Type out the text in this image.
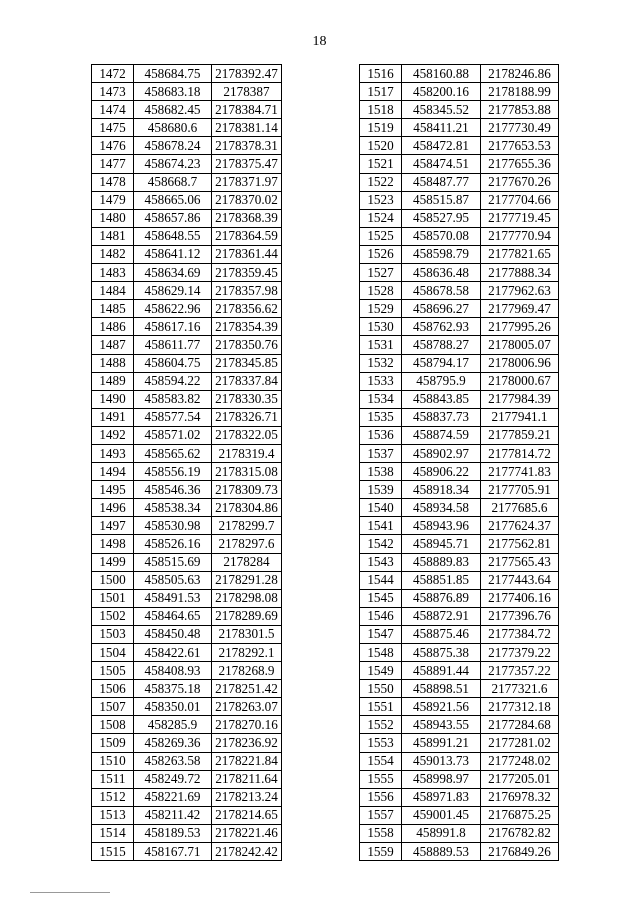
18
1472	458684.75	2178392.47
1473	458683.18	2178387
1474	458682.45	2178384.71
1475	458680.6	2178381.14
1476	458678.24	2178378.31
1477	458674.23	2178375.47
1478	458668.7	2178371.97
1479	458665.06	2178370.02
1480	458657.86	2178368.39
1481	458648.55	2178364.59
1482	458641.12	2178361.44
1483	458634.69	2178359.45
1484	458629.14	2178357.98
1485	458622.96	2178356.62
1486	458617.16	2178354.39
1487	458611.77	2178350.76
1488	458604.75	2178345.85
1489	458594.22	2178337.84
1490	458583.82	2178330.35
1491	458577.54	2178326.71
1492	458571.02	2178322.05
1493	458565.62	2178319.4
1494	458556.19	2178315.08
1495	458546.36	2178309.73
1496	458538.34	2178304.86
1497	458530.98	2178299.7
1498	458526.16	2178297.6
1499	458515.69	2178284
1500	458505.63	2178291.28
1501	458491.53	2178298.08
1502	458464.65	2178289.69
1503	458450.48	2178301.5
1504	458422.61	2178292.1
1505	458408.93	2178268.9
1506	458375.18	2178251.42
1507	458350.01	2178263.07
1508	458285.9	2178270.16
1509	458269.36	2178236.92
1510	458263.58	2178221.84
1511	458249.72	2178211.64
1512	458221.69	2178213.24
1513	458211.42	2178214.65
1514	458189.53	2178221.46
1515	458167.71	2178242.42
1516	458160.88	2178246.86
1517	458200.16	2178188.99
1518	458345.52	2177853.88
1519	458411.21	2177730.49
1520	458472.81	2177653.53
1521	458474.51	2177655.36
1522	458487.77	2177670.26
1523	458515.87	2177704.66
1524	458527.95	2177719.45
1525	458570.08	2177770.94
1526	458598.79	2177821.65
1527	458636.48	2177888.34
1528	458678.58	2177962.63
1529	458696.27	2177969.47
1530	458762.93	2177995.26
1531	458788.27	2178005.07
1532	458794.17	2178006.96
1533	458795.9	2178000.67
1534	458843.85	2177984.39
1535	458837.73	2177941.1
1536	458874.59	2177859.21
1537	458902.97	2177814.72
1538	458906.22	2177741.83
1539	458918.34	2177705.91
1540	458934.58	2177685.6
1541	458943.96	2177624.37
1542	458945.71	2177562.81
1543	458889.83	2177565.43
1544	458851.85	2177443.64
1545	458876.89	2177406.16
1546	458872.91	2177396.76
1547	458875.46	2177384.72
1548	458875.38	2177379.22
1549	458891.44	2177357.22
1550	458898.51	2177321.6
1551	458921.56	2177312.18
1552	458943.55	2177284.68
1553	458991.21	2177281.02
1554	459013.73	2177248.02
1555	458998.97	2177205.01
1556	458971.83	2176978.32
1557	459001.45	2176875.25
1558	458991.8	2176782.82
1559	458889.53	2176849.26
